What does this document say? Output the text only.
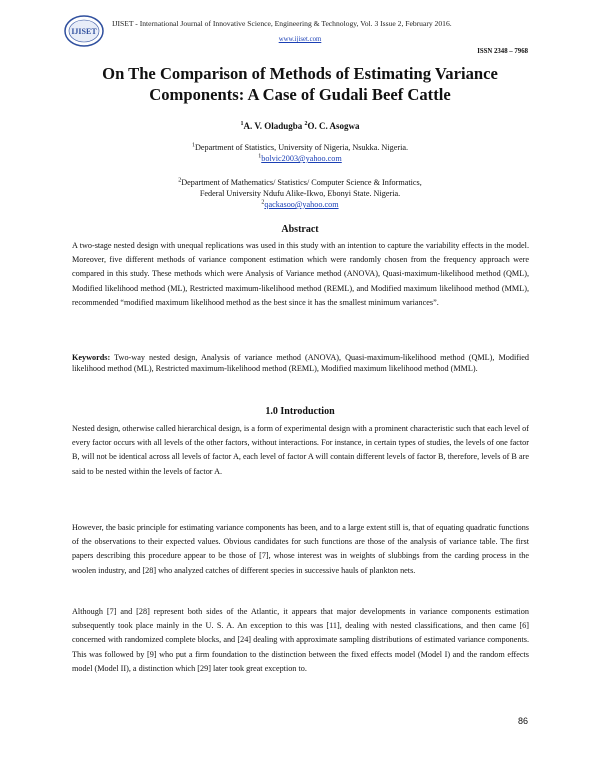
IJISET
IJISET - International Journal of Innovative Science, Engineering & Technology, Vol. 3 Issue 2, February 2016.
www.ijiset.com
ISSN 2348 – 7968
On The Comparison of Methods of Estimating Variance
Components: A Case of Gudali Beef Cattle
$^1$A. V. Oladugba $^2$O. C. Asogwa
$^1$Department of Statistics, University of Nigeria, Nsukka. Nigeria.
$^1$bolvic2003@yahoo.com
$^2$Department of Mathematics/ Statistics/ Computer Science & Informatics,
Federal University Ndufu Alike-Ikwo, Ebonyi State. Nigeria.
$^2$qackasoo@yahoo.com
Abstract
A two-stage nested design with unequal replications was used in this study with an intention to capture the variability effects in the model. Moreover, five different methods of variance component estimation which were randomly chosen from the frequency approach were compared in this study. These methods which were Analysis of Variance method (ANOVA), Quasi-maximum-likelihood method (QML), Modified likelihood method (ML), Restricted maximum-likelihood method (REML), and Modified maximum likelihood method (MML), recommended “modified maximum likelihood method as the best since it has the smallest minimum variances”.
Keywords: Two-way nested design, Analysis of variance method (ANOVA), Quasi-maximum-likelihood method (QML), Modified likelihood method (ML), Restricted maximum-likelihood method (REML), Modified maximum likelihood method (MML).
1.0 Introduction
Nested design, otherwise called hierarchical design, is a form of experimental design with a prominent characteristic such that each level of every factor occurs with all levels of the other factors, without interactions. For instance, in certain types of studies, the levels of one factor B, will not be identical across all levels of factor A, each level of factor A will contain different levels of factor B, therefore, levels of B are said to be nested within the levels of factor A.
However, the basic principle for estimating variance components has been, and to a large extent still is, that of equating quadratic functions of the observations to their expected values. Obvious candidates for such functions are those of the analysis of variance table. The first papers describing this procedure appear to be those of [7], whose interest was in weights of slubbings from the carding process in the woolen industry, and [28] who analyzed catches of different species in successive hauls of plankton nets.
Although [7] and [28] represent both sides of the Atlantic, it appears that major developments in variance components estimation subsequently took place mainly in the U. S. A. An exception to this was [11], dealing with nested classifications, and then came [6] concerned with randomized complete blocks, and [24] dealing with approximate sampling distributions of estimated variance components. This was followed by [9] who put a firm foundation to the distinction between the fixed effects model (Model I) and the random effects model (Model II), a distinction which [29] later took great exception to.
86
